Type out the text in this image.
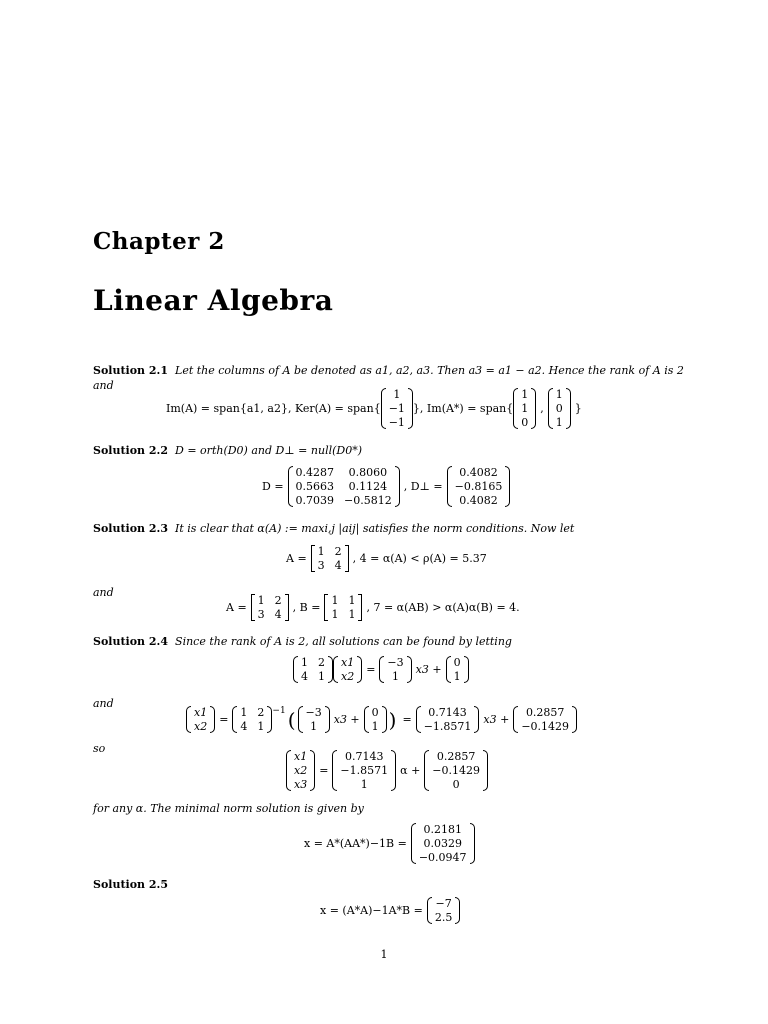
Chapter 2
Linear Algebra
Solution 2.1 Let the columns of A be denoted as a1, a2, a3. Then a3 = a1 − a2. Hence the rank of A is 2
and
Im(A) = span{a1, a2}, Ker(A) = span{
1
−1
−1
}, Im(A*) = span{
1
1
0
,
1
0
1
}
Solution 2.2 D = orth(D0) and D⊥ = null(D0*)
D =
0.4287	0.8060
0.5663	0.1124
0.7039 −0.5812
, D⊥ =
0.4082
−0.8165
0.4082
Solution 2.3 It is clear that α(A) := maxi,j |aij| satisfies the norm conditions. Now let
A =
1 2
3 4
, 4 = α(A) < ρ(A) = 5.37
and
A =
1 2
3 4
, B =
1 1
1 1
, 7 = α(AB) > α(A)α(B) = 4.
Solution 2.4 Since the rank of A is 2, all solutions can be found by letting
1 2
4 1
x1
x2
=
−3
1
x3 +
0
1
and
x1
x2
=
1 2
4 1
$^{-1}$ ( −3
1
x3 +
0
1 ) =
0.7143
−1.8571
x3 +
0.2857
−0.1429
so
x1
x2
x3
=
0.7143
−1.8571
1
α +
0.2857
−0.1429
0
for any α. The minimal norm solution is given by
x = A*(AA*)−1B =
0.2181
0.0329
−0.0947
Solution 2.5
x = (A*A)−1A*B =
−7
2.5
1
